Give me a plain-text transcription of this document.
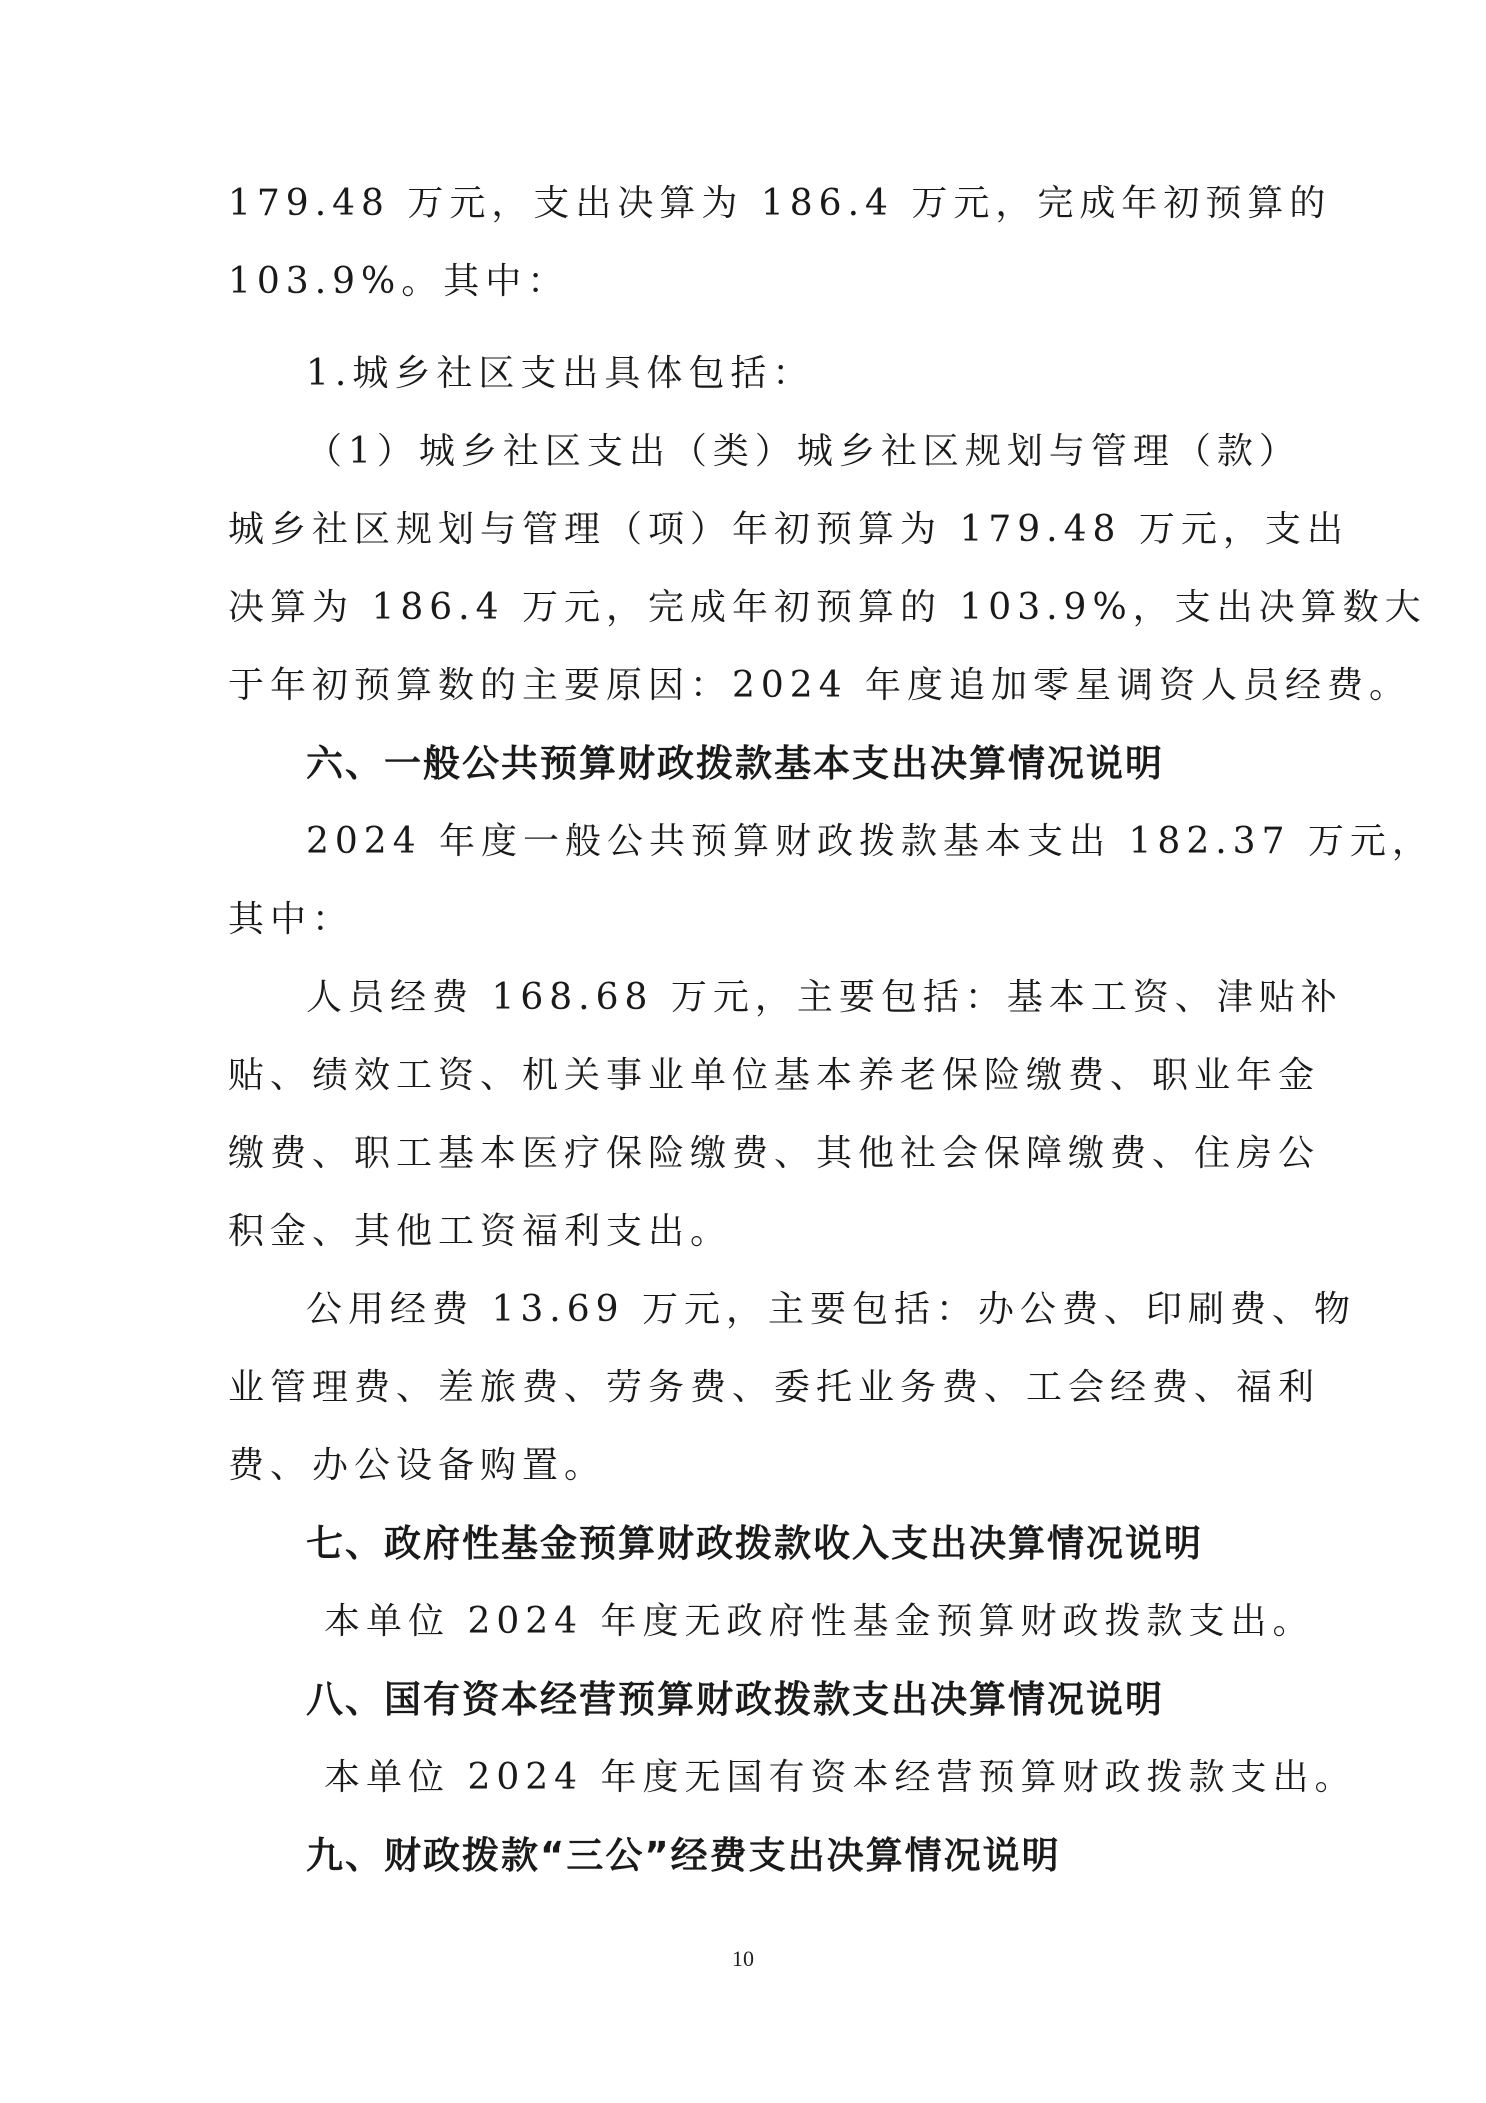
179.48 万元，支出决算为 186.4 万元，完成年初预算的
103.9%。其中：
1.城乡社区支出具体包括：
（1）城乡社区支出（类）城乡社区规划与管理（款）
城乡社区规划与管理（项）年初预算为 179.48 万元，支出
决算为 186.4 万元，完成年初预算的 103.9%，支出决算数大
于年初预算数的主要原因：2024 年度追加零星调资人员经费。
六、一般公共预算财政拨款基本支出决算情况说明
2024 年度一般公共预算财政拨款基本支出 182.37 万元，
其中：
人员经费 168.68 万元，主要包括：基本工资、津贴补
贴、绩效工资、机关事业单位基本养老保险缴费、职业年金
缴费、职工基本医疗保险缴费、其他社会保障缴费、住房公
积金、其他工资福利支出。
公用经费 13.69 万元，主要包括：办公费、印刷费、物
业管理费、差旅费、劳务费、委托业务费、工会经费、福利
费、办公设备购置。
七、政府性基金预算财政拨款收入支出决算情况说明
本单位 2024 年度无政府性基金预算财政拨款支出。
八、国有资本经营预算财政拨款支出决算情况说明
本单位 2024 年度无国有资本经营预算财政拨款支出。
九、财政拨款“三公”经费支出决算情况说明
10
